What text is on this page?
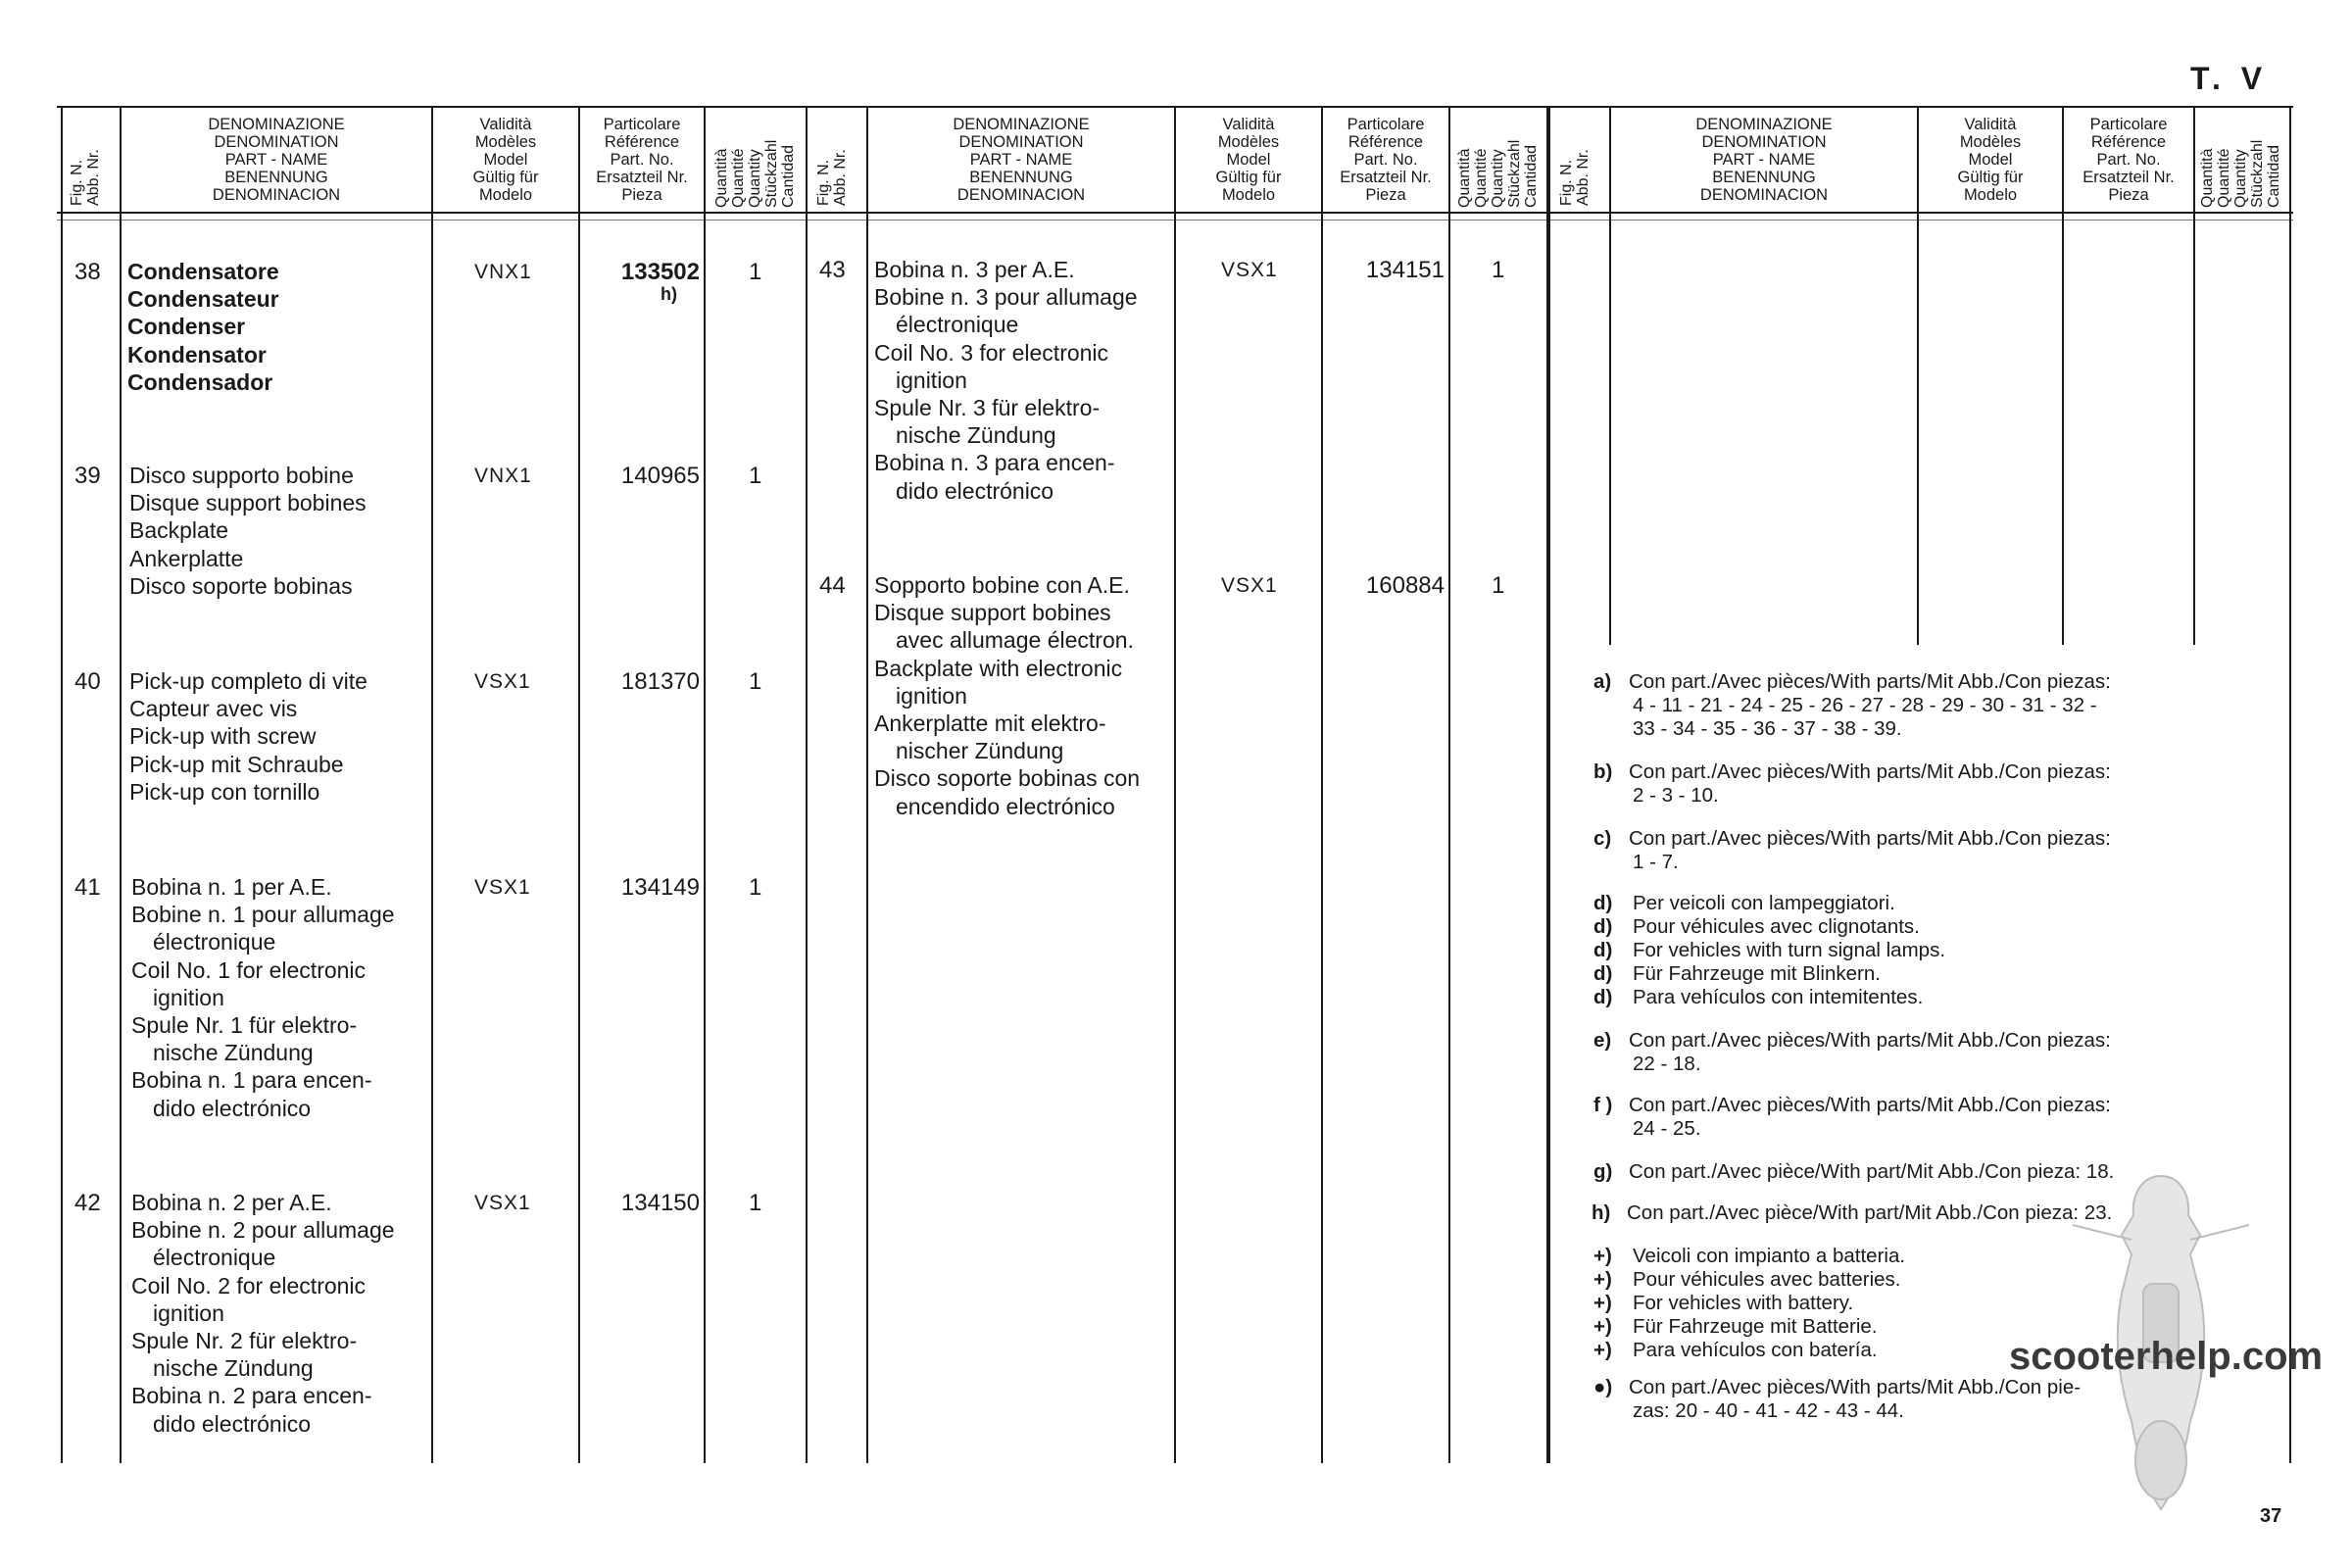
T. V
Fig. N.
Abb. Nr.
DENOMINAZIONE
DENOMINATION
PART - NAME
BENENNUNG
DENOMINACION
Validità
Modèles
Model
Gültig für
Modelo
Particolare
Référence
Part. No.
Ersatzteil Nr.
Pieza	Quantità
Quantité
Quantity
Stückzahl
Cantidad Fig. N.
Abb. Nr.
DENOMINAZIONE
DENOMINATION
PART - NAME
BENENNUNG
DENOMINACION
Validità
Modèles
Model
Gültig für
Modelo
Particolare
Référence
Part. No.
Ersatzteil Nr.
Pieza	Quantità
Quantité
Quantity
Stückzahl
Cantidad Fig. N.
Abb. Nr.
DENOMINAZIONE
DENOMINATION
PART - NAME
BENENNUNG
DENOMINACION
Validità
Modèles
Model
Gültig für
Modelo
Particolare
Référence
Part. No.
Ersatzteil Nr.
Pieza	Quantità
Quantité
Quantity
Stückzahl
Cantidad
38 Condensatore
Condensateur
Condenser
Kondensator
Condensador
VNX1	133502
h)
1
39 Disco supporto bobine
Disque support bobines
Backplate
Ankerplatte
Disco soporte bobinas
VNX1	140965 1
40 Pick-up completo di vite
Capteur avec vis
Pick-up with screw
Pick-up mit Schraube
Pick-up con tornillo
VSX1	181370 1
41 Bobina n. 1 per A.E.
Bobine n. 1 pour allumage
électronique
Coil No. 1 for electronic
ignition
Spule Nr. 1 für elektro-
nische Zündung
Bobina n. 1 para encen-
dido electrónico
VSX1	134149 1
42 Bobina n. 2 per A.E.
Bobine n. 2 pour allumage
électronique
Coil No. 2 for electronic
ignition
Spule Nr. 2 für elektro-
nische Zündung
Bobina n. 2 para encen-
dido electrónico
VSX1	134150 1
43 Bobina n. 3 per A.E.
Bobine n. 3 pour allumage
électronique
Coil No. 3 for electronic
ignition
Spule Nr. 3 für elektro-
nische Zündung
Bobina n. 3 para encen-
dido electrónico
VSX1	134151 1
44 Sopporto bobine con A.E.
Disque support bobines
avec allumage électron.
Backplate with electronic
ignition
Ankerplatte mit elektro-
nischer Zündung
Disco soporte bobinas con
encendido electrónico
VSX1	160884 1
a) Con part./Avec pièces/With parts/Mit Abb./Con piezas:
4 - 11 - 21 - 24 - 25 - 26 - 27 - 28 - 29 - 30 - 31 - 32 -
33 - 34 - 35 - 36 - 37 - 38 - 39.
b) Con part./Avec pièces/With parts/Mit Abb./Con piezas:
2 - 3 - 10.
c) Con part./Avec pièces/With parts/Mit Abb./Con piezas:
1 - 7.
d) Per veicoli con lampeggiatori.
d) Pour véhicules avec clignotants.
d) For vehicles with turn signal lamps.
d) Für Fahrzeuge mit Blinkern.
d) Para vehículos con intemitentes.
e) Con part./Avec pièces/With parts/Mit Abb./Con piezas:
22 - 18.
f ) Con part./Avec pièces/With parts/Mit Abb./Con piezas:
24 - 25.
g) Con part./Avec pièce/With part/Mit Abb./Con pieza: 18.
h) Con part./Avec pièce/With part/Mit Abb./Con pieza: 23.
+) Veicoli con impianto a batteria.
+) Pour véhicules avec batteries.
+) For vehicles with battery.
+) Für Fahrzeuge mit Batterie.
+) Para vehículos con batería.
●) Con part./Avec pièces/With parts/Mit Abb./Con pie-
zas: 20 - 40 - 41 - 42 - 43 - 44.
scooterhelp.com
37
